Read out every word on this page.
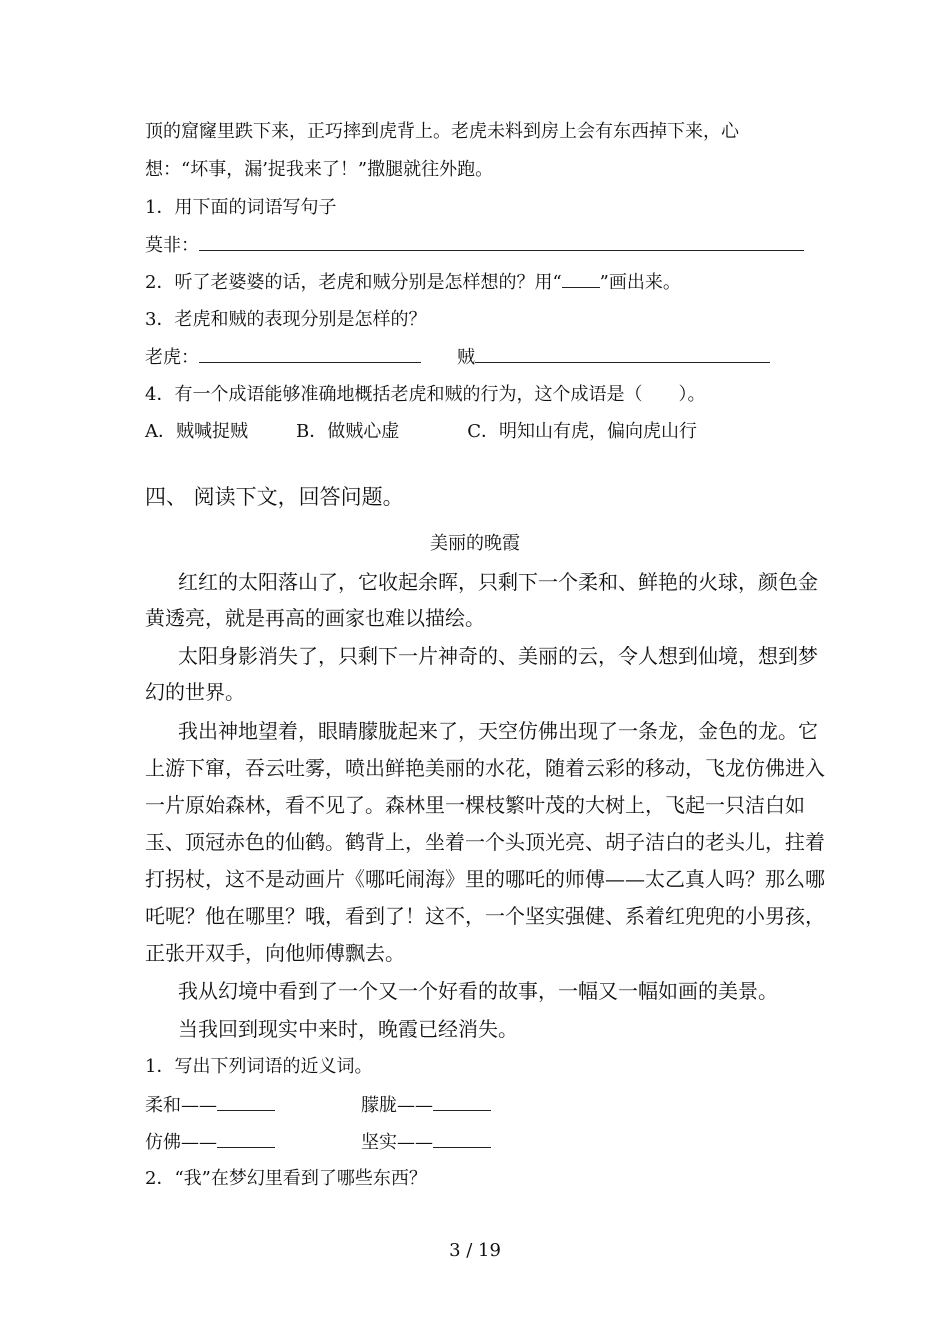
顶的窟窿里跌下来，正巧摔到虎背上。老虎未料到房上会有东西掉下来，心
想：“坏事，漏’捉我来了！”撒腿就往外跑。
1．用下面的词语写句子
莫非：
2．听了老婆婆的话，老虎和贼分别是怎样想的？用“ ”画出来。
3．老虎和贼的表现分别是怎样的？
老虎：	贼
4．有一个成语能够准确地概括老虎和贼的行为，这个成语是（　　）。
A．贼喊捉贼	B．做贼心虚	C．明知山有虎，偏向虎山行
四、 阅读下文，回答问题。
美丽的晚霞
红红的太阳落山了，它收起余晖，只剩下一个柔和、鲜艳的火球，颜色金
黄透亮，就是再高的画家也难以描绘。
太阳身影消失了，只剩下一片神奇的、美丽的云，令人想到仙境，想到梦
幻的世界。
我出神地望着，眼睛朦胧起来了，天空仿佛出现了一条龙，金色的龙。它
上游下窜，吞云吐雾，喷出鲜艳美丽的水花，随着云彩的移动，飞龙仿佛进入
一片原始森林，看不见了。森林里一棵枝繁叶茂的大树上，飞起一只洁白如
玉、顶冠赤色的仙鹤。鹤背上，坐着一个头顶光亮、胡子洁白的老头儿，拄着
打拐杖，这不是动画片《哪吒闹海》里的哪吒的师傅——太乙真人吗？那么哪
吒呢？他在哪里？哦，看到了！这不，一个坚实强健、系着红兜兜的小男孩，
正张开双手，向他师傅飘去。
我从幻境中看到了一个又一个好看的故事，一幅又一幅如画的美景。
当我回到现实中来时，晚霞已经消失。
1．写出下列词语的近义词。
柔和——	朦胧——
仿佛——	坚实——
2．“我”在梦幻里看到了哪些东西？
3 / 19
